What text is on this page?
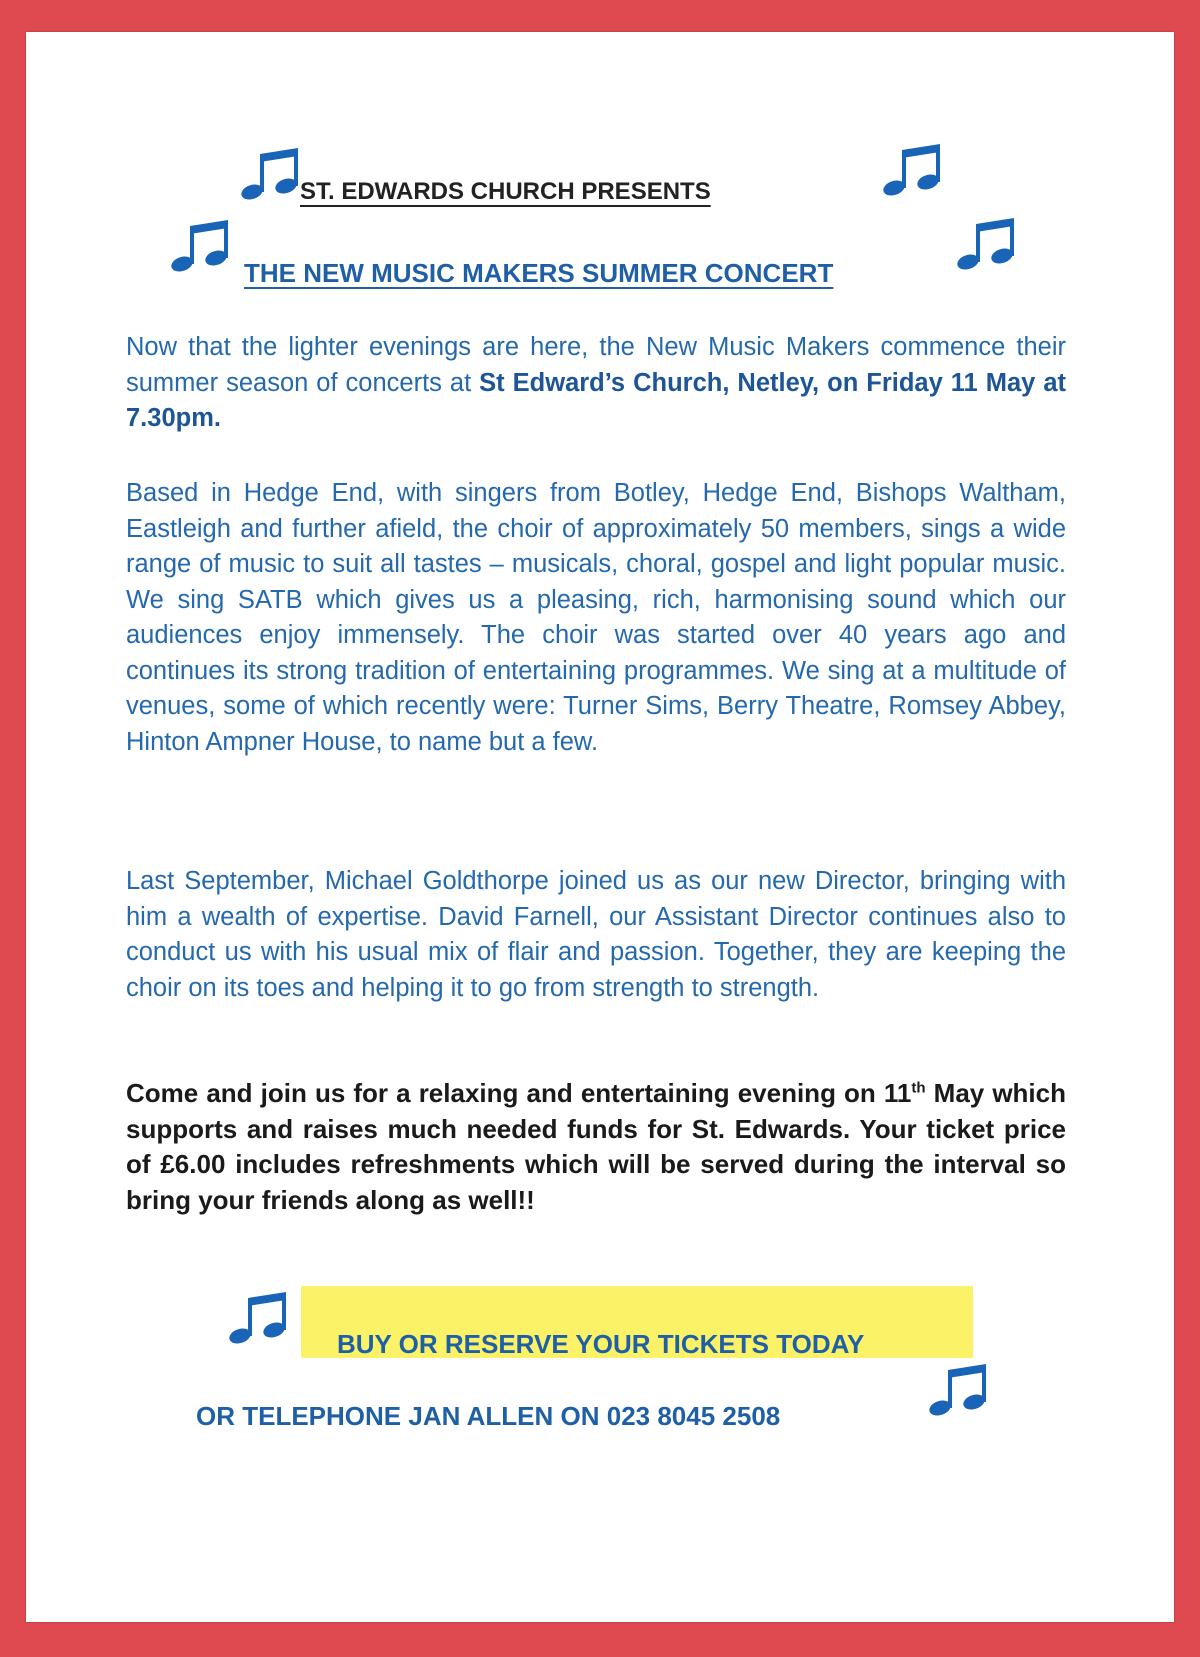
ST. EDWARDS CHURCH PRESENTS
THE NEW MUSIC MAKERS SUMMER CONCERT

Now that the lighter evenings are here, the New Music Makers commence their summer season of concerts at St Edward’s Church, Netley, on Friday 11 May at 7.30pm.

Based in Hedge End, with singers from Botley, Hedge End, Bishops Waltham, Eastleigh and further afield, the choir of approximately 50 members, sings a wide range of music to suit all tastes – musicals, choral, gospel and light popular music. We sing SATB which gives us a pleasing, rich, harmonising sound which our audiences enjoy immensely. The choir was started over 40 years ago and continues its strong tradition of entertaining programmes. We sing at a multitude of venues, some of which recently were: Turner Sims, Berry Theatre, Romsey Abbey, Hinton Ampner House, to name but a few.

Last September, Michael Goldthorpe joined us as our new Director, bringing with him a wealth of expertise. David Farnell, our Assistant Director continues also to conduct us with his usual mix of flair and passion. Together, they are keeping the choir on its toes and helping it to go from strength to strength.

Come and join us for a relaxing and entertaining evening on 11th May which supports and raises much needed funds for St. Edwards. Your ticket price of £6.00 includes refreshments which will be served during the interval so bring your friends along as well!!

BUY OR RESERVE YOUR TICKETS TODAY
OR TELEPHONE JAN ALLEN ON 023 8045 2508
